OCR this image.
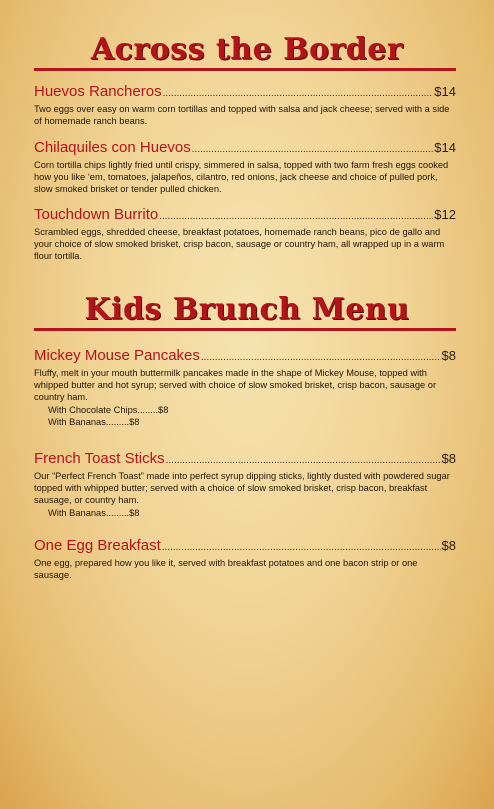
Across the Border
Huevos Rancheros .....	$14
Two eggs over easy on warm corn tortillas and topped with salsa and jack cheese; served with a side of homemade ranch beans.
Chilaquiles con Huevos .....	$14
Corn tortilla chips lightly fried until crispy, simmered in salsa, topped with two farm fresh eggs cooked how you like ‘em, tomatoes, jalapeños, cilantro, red onions, jack cheese and choice of pulled pork, slow smoked brisket or tender pulled chicken.
Touchdown Burrito .....	$12
Scrambled eggs, shredded cheese, breakfast potatoes, homemade ranch beans, pico de gallo and your choice of slow smoked brisket, crisp bacon, sausage or country ham, all wrapped up in a warm flour tortilla.
Kids Brunch Menu
Mickey Mouse Pancakes .....	$8
Fluffy, melt in your mouth buttermilk pancakes made in the shape of Mickey Mouse, topped with whipped butter and hot syrup; served with choice of slow smoked brisket, crisp bacon, sausage or country ham.
With Chocolate Chips........$8
With Bananas.........$8
French Toast Sticks .....	$8
Our “Perfect French Toast” made into perfect syrup dipping sticks, lightly dusted with powdered sugar topped with whipped butter; served with a choice of slow smoked brisket, crisp bacon, breakfast sausage, or country ham.
With Bananas.........$8
One Egg Breakfast .....	$8
One egg, prepared how you like it, served with breakfast potatoes and one bacon strip or one sausage.
